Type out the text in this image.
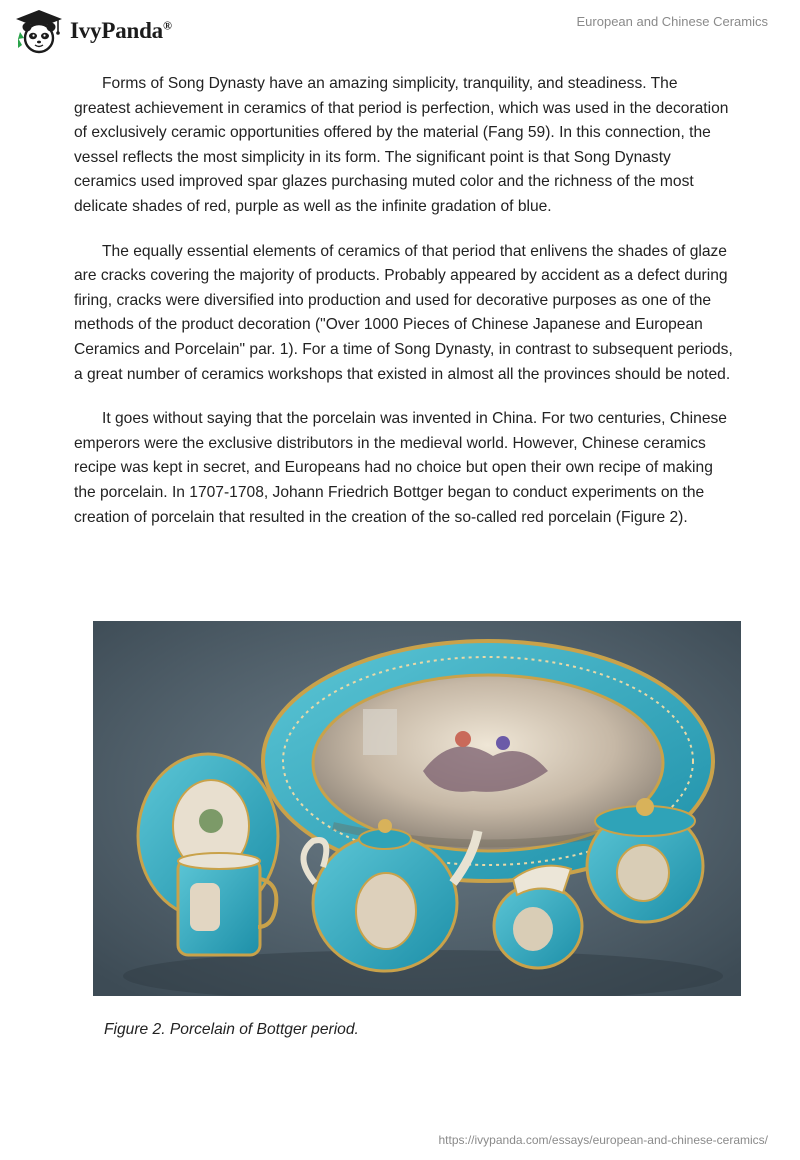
IvyPanda®	European and Chinese Ceramics

Forms of Song Dynasty have an amazing simplicity, tranquility, and steadiness. The greatest achievement in ceramics of that period is perfection, which was used in the decoration of exclusively ceramic opportunities offered by the material (Fang 59). In this connection, the vessel reflects the most simplicity in its form. The significant point is that Song Dynasty ceramics used improved spar glazes purchasing muted color and the richness of the most delicate shades of red, purple as well as the infinite gradation of blue.

The equally essential elements of ceramics of that period that enlivens the shades of glaze are cracks covering the majority of products. Probably appeared by accident as a defect during firing, cracks were diversified into production and used for decorative purposes as one of the methods of the product decoration ("Over 1000 Pieces of Chinese Japanese and European Ceramics and Porcelain" par. 1). For a time of Song Dynasty, in contrast to subsequent periods, a great number of ceramics workshops that existed in almost all the provinces should be noted.

It goes without saying that the porcelain was invented in China. For two centuries, Chinese emperors were the exclusive distributors in the medieval world. However, Chinese ceramics recipe was kept in secret, and Europeans had no choice but open their own recipe of making the porcelain. In 1707-1708, Johann Friedrich Bottger began to conduct experiments on the creation of porcelain that resulted in the creation of the so-called red porcelain (Figure 2).

Figure 2. Porcelain of Bottger period.
https://ivypanda.com/essays/european-and-chinese-ceramics/
